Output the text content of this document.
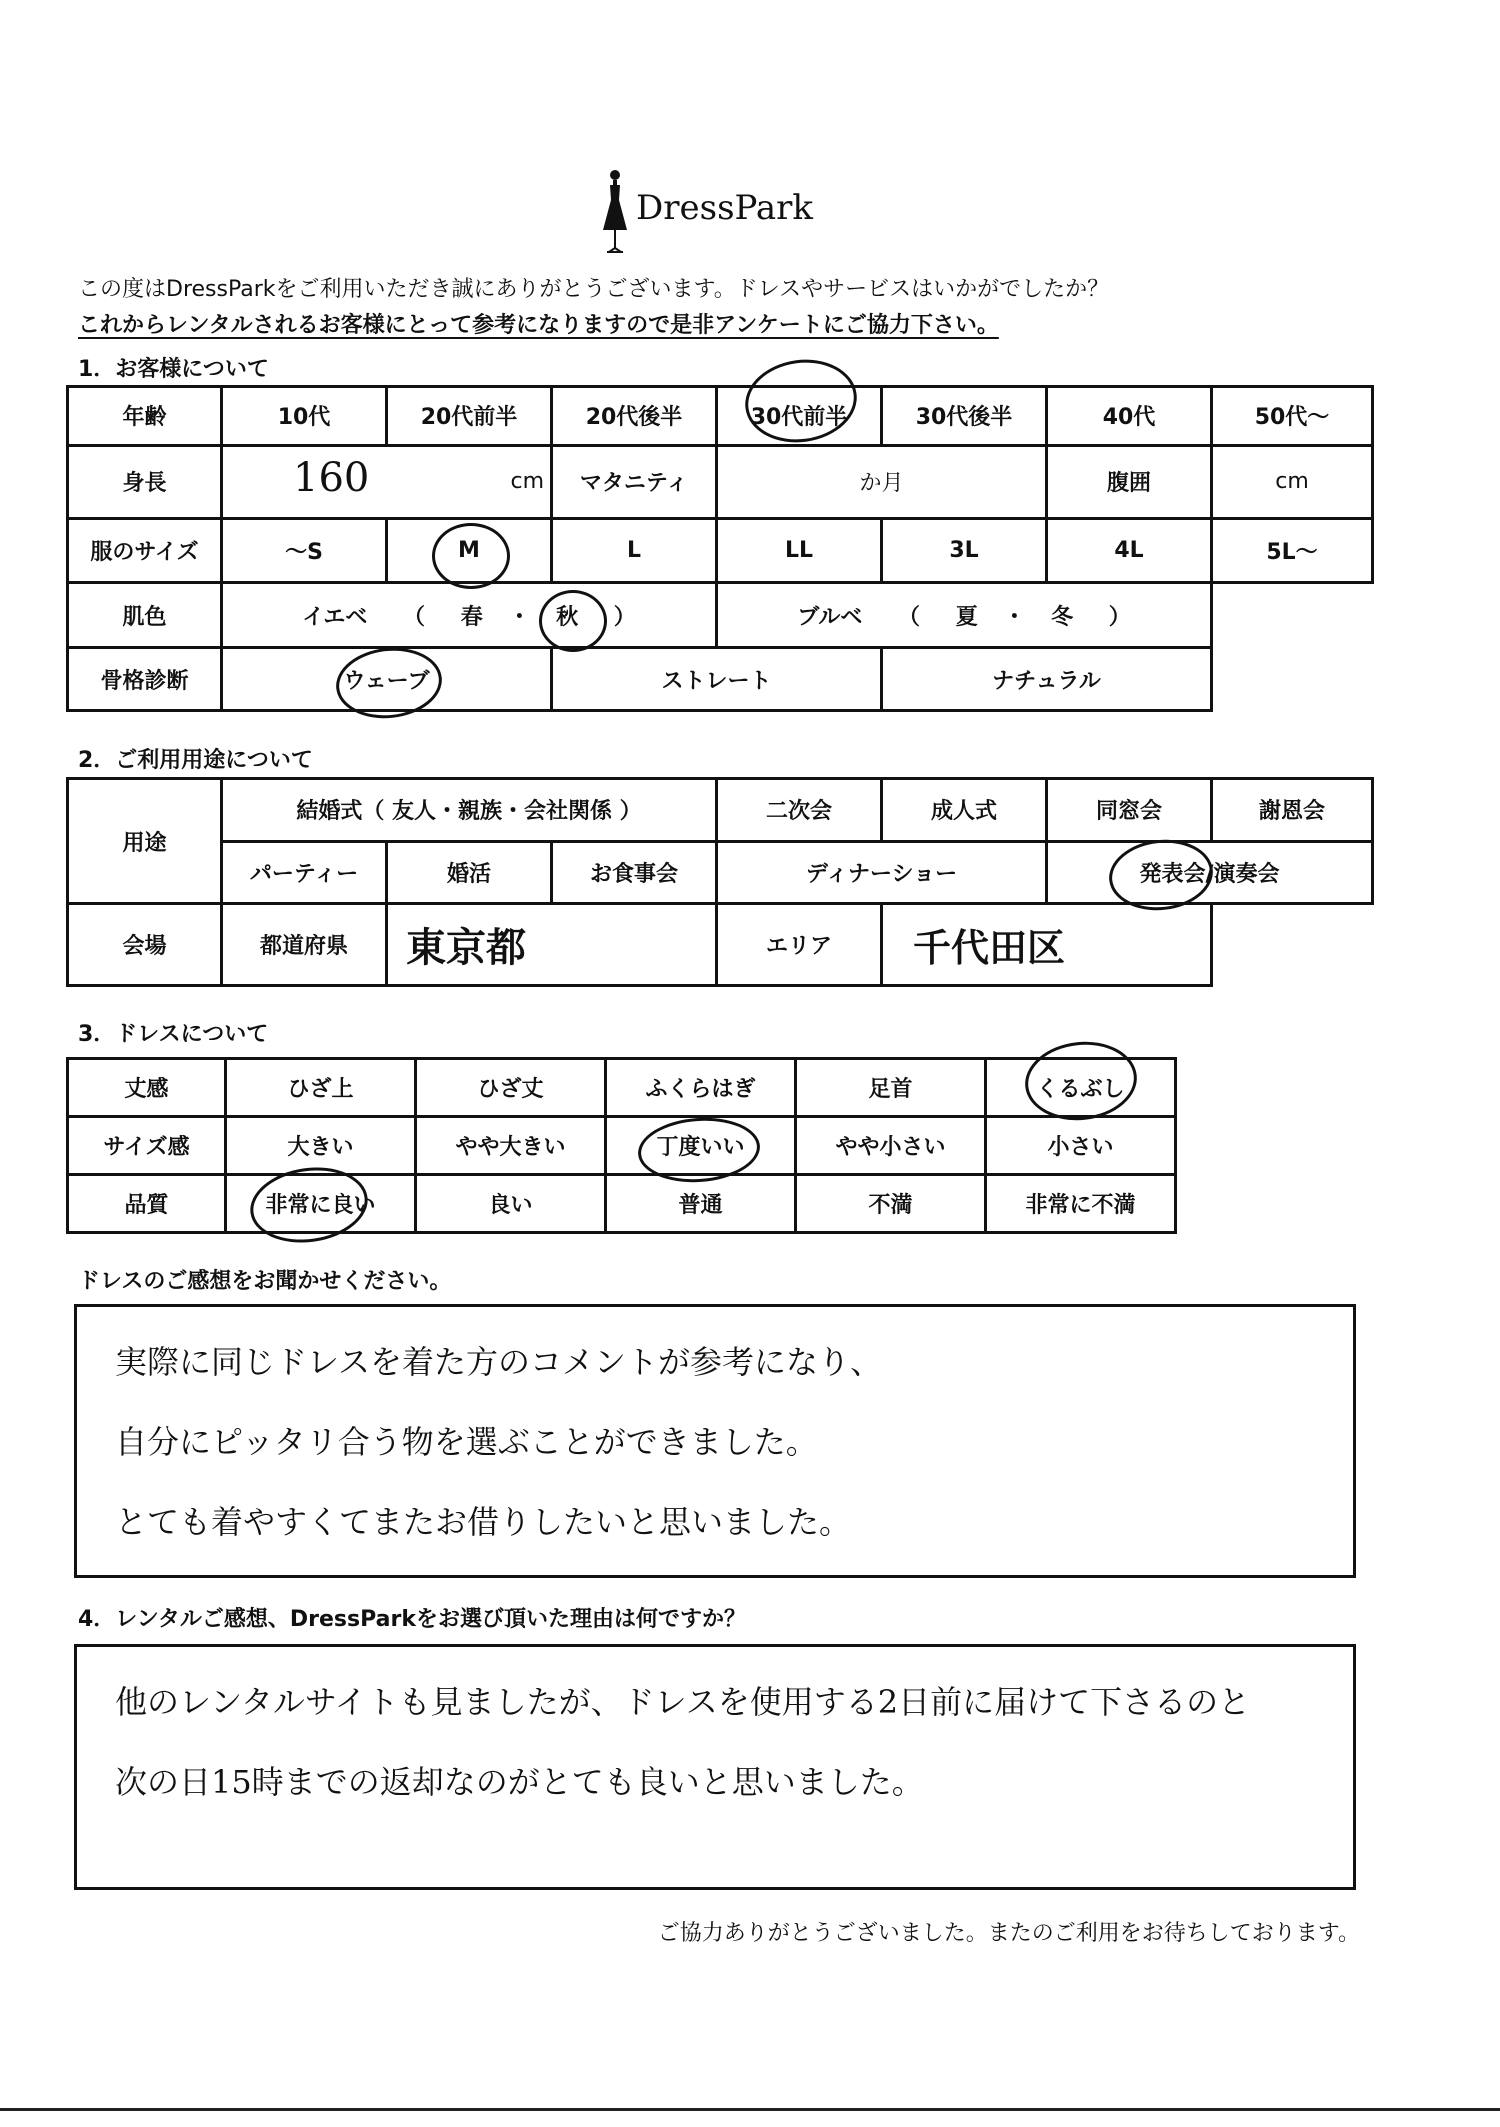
DressPark
この度はDressParkをご利用いただき誠にありがとうございます。ドレスやサービスはいかがでしたか？
これからレンタルされるお客様にとって参考になりますので是非アンケートにご協力下さい。
1．お客様について
年齢	10代	20代前半	20代後半	30代前半	30代後半	40代	50代～
身長	160 cm		マタニティ	か月		腹囲	cm
服のサイズ	～S	M	L	LL	3L	4L	5L～
肌色	イエベ （ 春 ・ 秋 ）			ブルベ （ 夏 ・ 冬 ）			
骨格診断	ウェーブ		ストレート		ナチュラル		
2．ご利用用途について
用途	結婚式（ 友人・親族・会社関係 ）			二次会	成人式	同窓会	謝恩会
	パーティー	婚活	お食事会	ディナーショー		発表会/演奏会	
会場	都道府県	東京都		エリア	千代田区		
3．ドレスについて
丈感	ひざ上	ひざ丈	ふくらはぎ	足首	くるぶし
サイズ感	大きい	やや大きい	丁度いい	やや小さい	小さい
品質	非常に良い	良い	普通	不満	非常に不満
ドレスのご感想をお聞かせください。
実際に同じドレスを着た方のコメントが参考になり、
自分にピッタリ合う物を選ぶことができました。
とても着やすくてまたお借りしたいと思いました。
4．レンタルご感想、DressParkをお選び頂いた理由は何ですか？
他のレンタルサイトも見ましたが、ドレスを使用する2日前に届けて下さるのと
次の日15時までの返却なのがとても良いと思いました。
ご協力ありがとうございました。またのご利用をお待ちしております。
